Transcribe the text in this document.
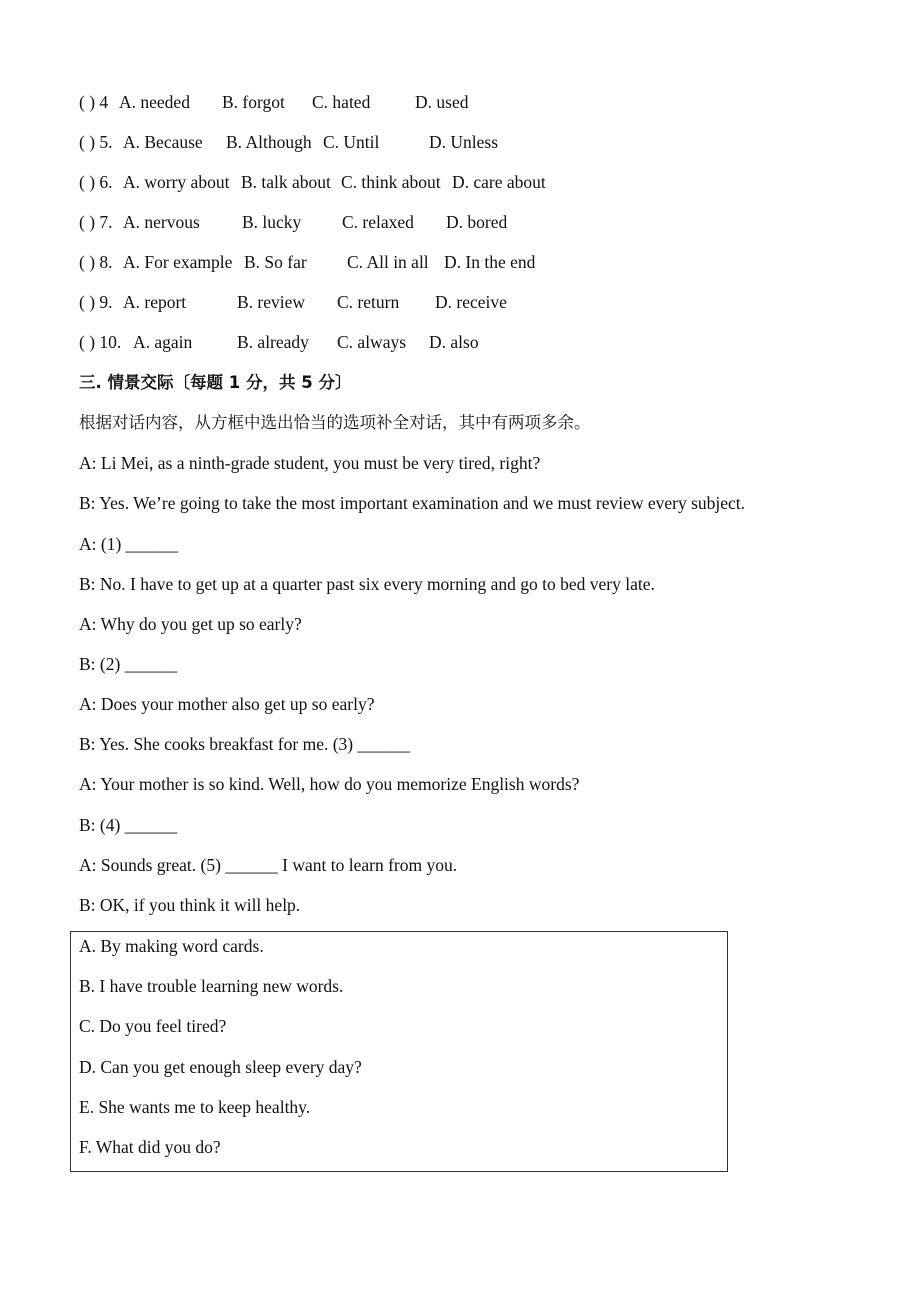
( ) 4

A. needed

B. forgot

C. hated

	D. used

( ) 5.

A. Because

B. Although

C. Until

	D. Unless

( ) 6.

A. worry about

B. talk about

C. think about

D. care about

( ) 7.

A. nervous

B. lucky

C. relaxed

D. bored

( ) 8.

A. For example

B. So far

C. All in all

D. In the end

( ) 9.

A. report

	B. review

C. return

D. receive

( ) 10.

A. again

	B. already

C. always

D. also

三. 情景交际〔每题 1 分，共 5 分〕
根据对话内容，从方框中选出恰当的选项补全对话，其中有两项多余。
A: Li Mei, as a ninth-grade student, you must be very tired, right?
B: Yes. We’re going to take the most important examination and we must review every subject.
A: (1) ______
B: No. I have to get up at a quarter past six every morning and go to bed very late.
A: Why do you get up so early?
B: (2) ______
A: Does your mother also get up so early?
B: Yes. She cooks breakfast for me. (3) ______
A: Your mother is so kind. Well, how do you memorize English words?
B: (4) ______
A: Sounds great. (5) ______ I want to learn from you.
B: OK, if you think it will help.
A. By making word cards.
B. I have trouble learning new words.
C. Do you feel tired?
D. Can you get enough sleep every day?
E. She wants me to keep healthy.
F. What did you do?
